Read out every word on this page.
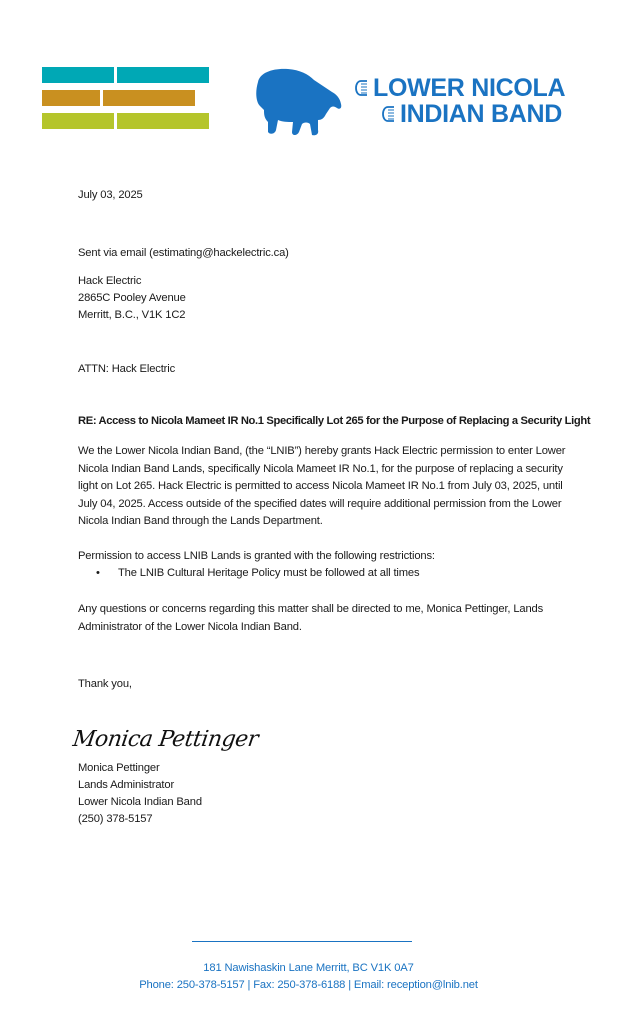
LOWER NICOLA
INDIAN BAND
July 03, 2025
Sent via email (estimating@hackelectric.ca)
Hack Electric
2865C Pooley Avenue
Merritt, B.C., V1K 1C2
ATTN: Hack Electric
RE: Access to Nicola Mameet IR No.1 Specifically Lot 265 for the Purpose of Replacing a Security Light
We the Lower Nicola Indian Band, (the “LNIB”) hereby grants Hack Electric permission to enter Lower Nicola Indian Band Lands, specifically Nicola Mameet IR No.1, for the purpose of replacing a security light on Lot 265. Hack Electric is permitted to access Nicola Mameet IR No.1 from July 03, 2025, until July 04, 2025. Access outside of the specified dates will require additional permission from the Lower Nicola Indian Band through the Lands Department.
Permission to access LNIB Lands is granted with the following restrictions:
• The LNIB Cultural Heritage Policy must be followed at all times
Any questions or concerns regarding this matter shall be directed to me, Monica Pettinger, Lands Administrator of the Lower Nicola Indian Band.
Thank you,
Monica Pettinger
Monica Pettinger
Lands Administrator
Lower Nicola Indian Band
(250) 378-5157
181 Nawishaskin Lane Merritt, BC V1K 0A7
Phone: 250-378-5157 | Fax: 250-378-6188 | Email: reception@lnib.net
